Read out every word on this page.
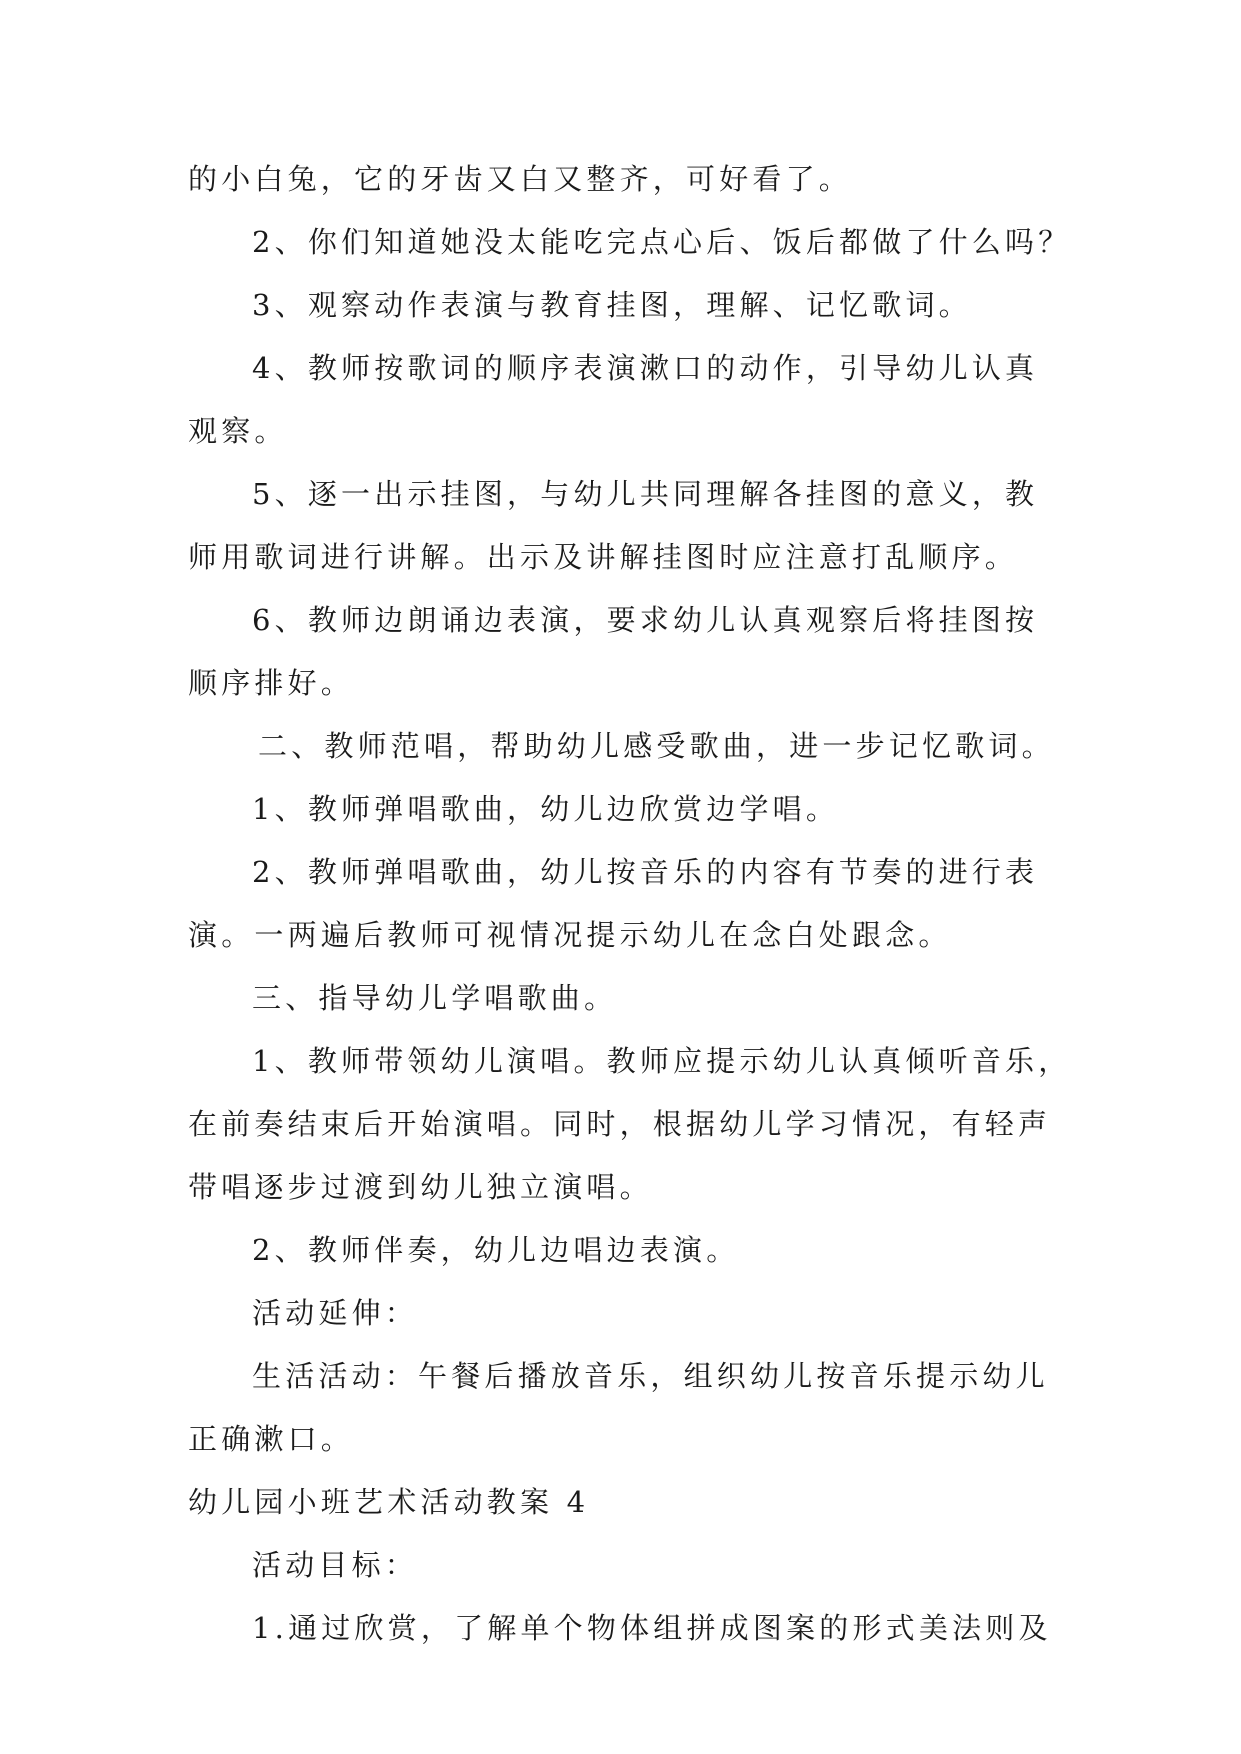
的小白兔，它的牙齿又白又整齐，可好看了。
2、你们知道她没太能吃完点心后、饭后都做了什么吗？
3、观察动作表演与教育挂图，理解、记忆歌词。
4、教师按歌词的顺序表演漱口的动作，引导幼儿认真
观察。
5、逐一出示挂图，与幼儿共同理解各挂图的意义，教
师用歌词进行讲解。出示及讲解挂图时应注意打乱顺序。
6、教师边朗诵边表演，要求幼儿认真观察后将挂图按
顺序排好。
二、教师范唱，帮助幼儿感受歌曲，进一步记忆歌词。
1、教师弹唱歌曲，幼儿边欣赏边学唱。
2、教师弹唱歌曲，幼儿按音乐的内容有节奏的进行表
演。一两遍后教师可视情况提示幼儿在念白处跟念。
三、指导幼儿学唱歌曲。
1、教师带领幼儿演唱。教师应提示幼儿认真倾听音乐，
在前奏结束后开始演唱。同时，根据幼儿学习情况，有轻声
带唱逐步过渡到幼儿独立演唱。
2、教师伴奏，幼儿边唱边表演。
活动延伸：
生活活动：午餐后播放音乐，组织幼儿按音乐提示幼儿
正确漱口。
幼儿园小班艺术活动教案 4
活动目标：
1.通过欣赏，了解单个物体组拼成图案的形式美法则及
